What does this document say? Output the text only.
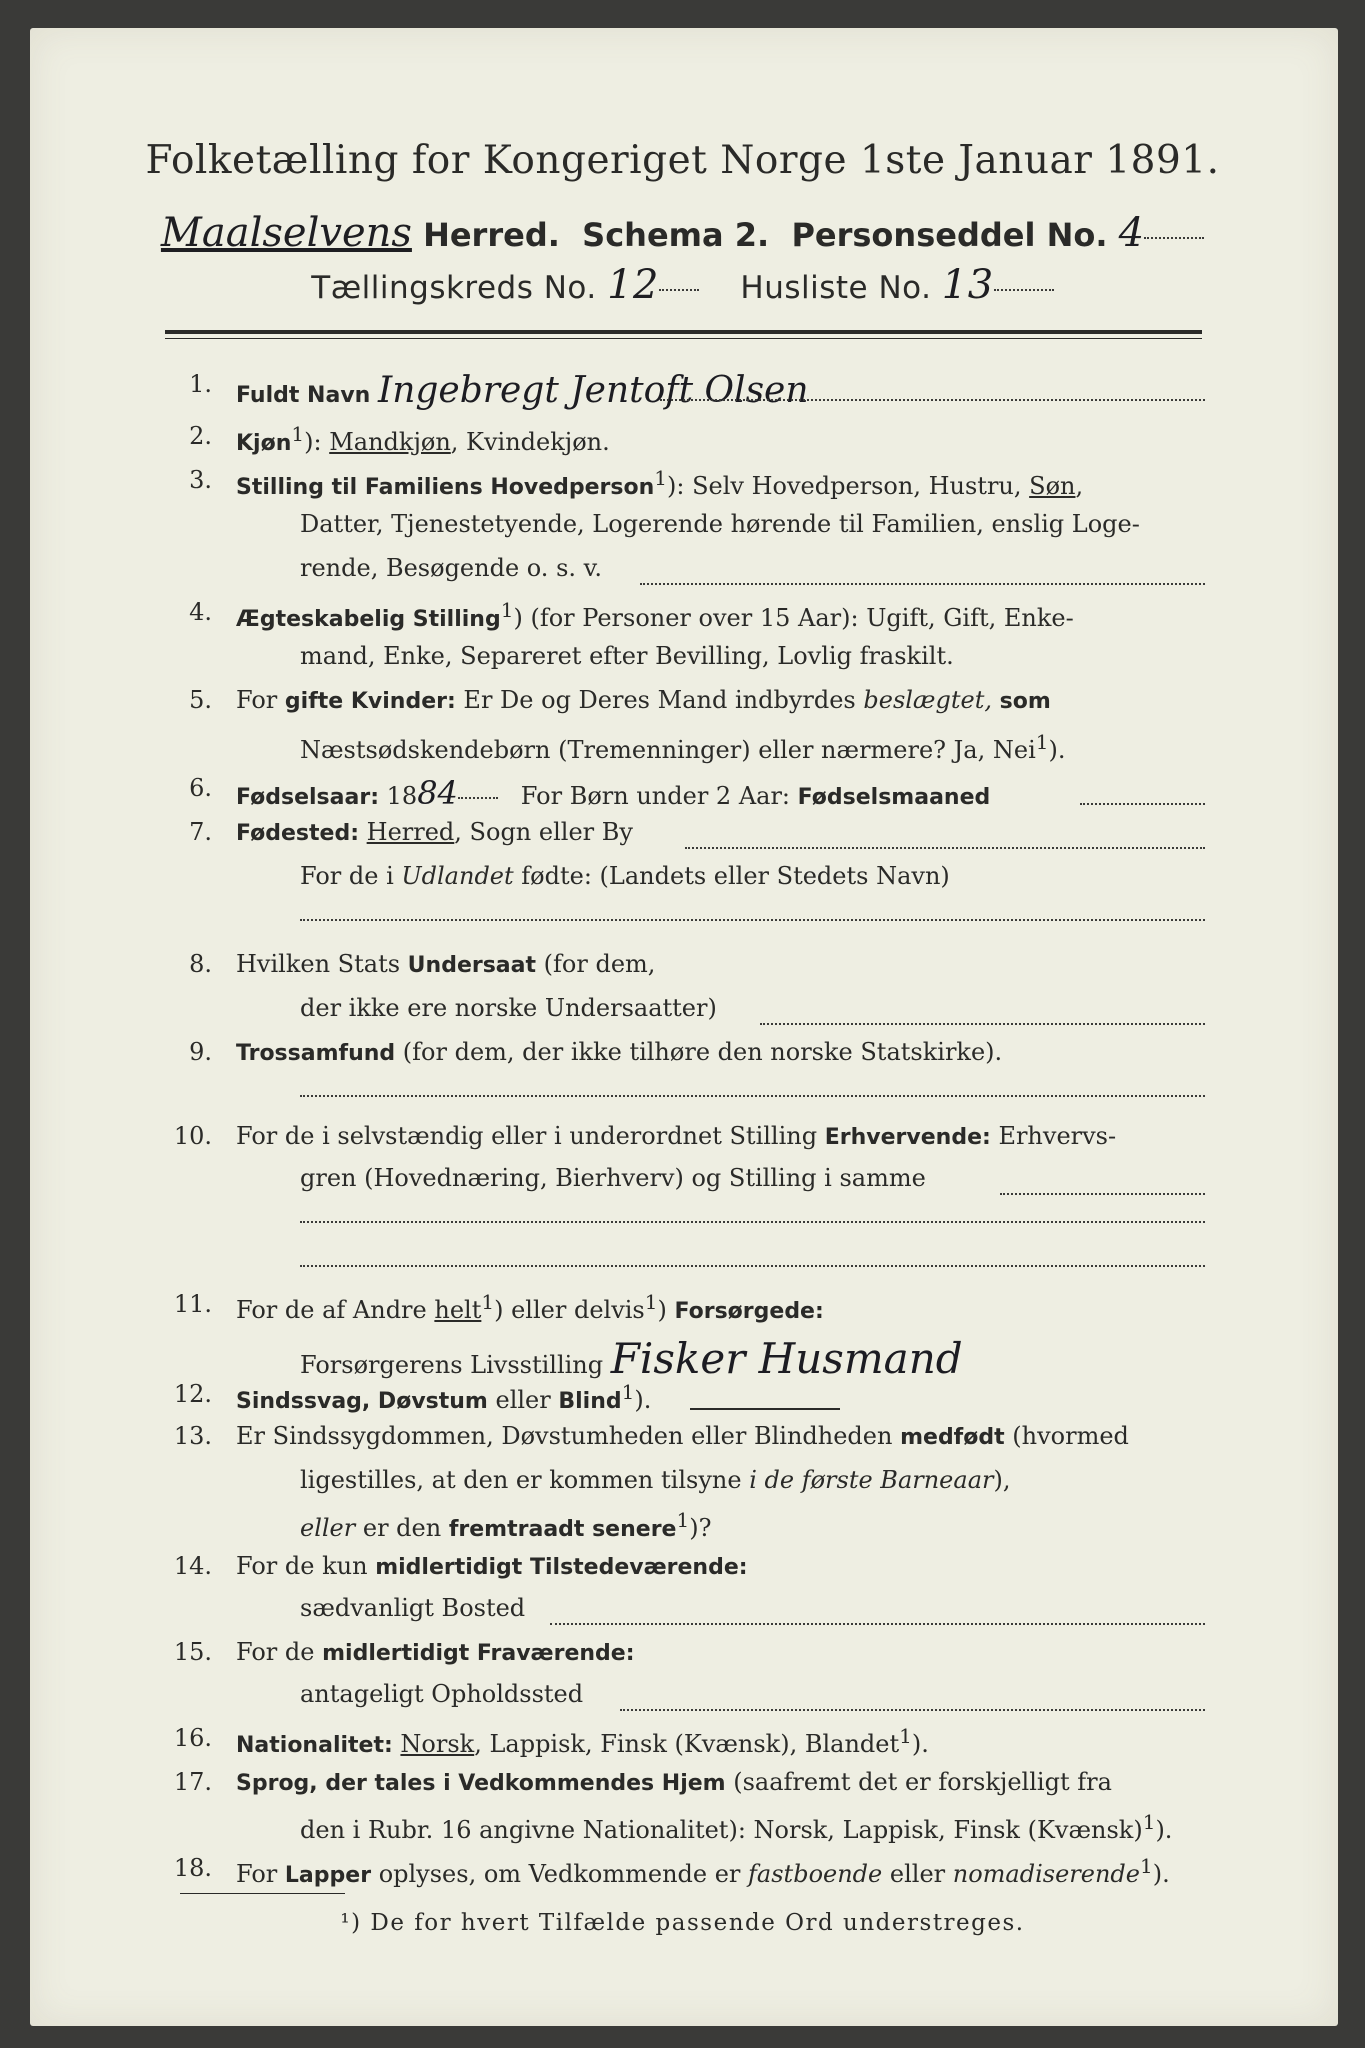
Folketælling for Kongeriget Norge 1ste Januar 1891.
Maalselvens Herred. Schema 2. Personseddel No. 4
Tællingskreds No. 12	Husliste No. 13
1. Fuldt Navn Ingebregt Jentoft Olsen
2. Kjøn$^1$): Mandkjøn, Kvindekjøn.
3. Stilling til Familiens Hovedperson$^1$): Selv Hovedperson, Hustru, Søn,
Datter, Tjenestetyende, Logerende hørende til Familien, enslig Loge-
rende, Besøgende o. s. v.
4. Ægteskabelig Stilling$^1$) (for Personer over 15 Aar): Ugift, Gift, Enke-
mand, Enke, Separeret efter Bevilling, Lovlig fraskilt.
5. For gifte Kvinder: Er De og Deres Mand indbyrdes beslægtet, som
Næstsødskendebørn (Tremenninger) eller nærmere? Ja, Nei$^1$).
6. Fødselsaar: 1884	For Børn under 2 Aar: Fødselsmaaned
7. Fødested: Herred, Sogn eller By
For de i Udlandet fødte: (Landets eller Stedets Navn)
8. Hvilken Stats Undersaat (for dem,
der ikke ere norske Undersaatter)
9. Trossamfund (for dem, der ikke tilhøre den norske Statskirke).
10. For de i selvstændig eller i underordnet Stilling Erhvervende: Erhvervs-
gren (Hovednæring, Bierhverv) og Stilling i samme
11. For de af Andre helt$^1$) eller delvis$^1$) Forsørgede:
Forsørgerens Livsstilling Fisker Husmand
12. Sindssvag, Døvstum eller Blind$^1$).
13. Er Sindssygdommen, Døvstumheden eller Blindheden medfødt (hvormed
ligestilles, at den er kommen tilsyne i de første Barneaar),
eller er den fremtraadt senere$^1$)?
14. For de kun midlertidigt Tilstedeværende:
sædvanligt Bosted
15. For de midlertidigt Fraværende:
antageligt Opholdssted
16. Nationalitet: Norsk, Lappisk, Finsk (Kvænsk), Blandet$^1$).
17. Sprog, der tales i Vedkommendes Hjem (saafremt det er forskjelligt fra
den i Rubr. 16 angivne Nationalitet): Norsk, Lappisk, Finsk (Kvænsk)$^1$).
18. For Lapper oplyses, om Vedkommende er fastboende eller nomadiserende$^1$).
¹) De for hvert Tilfælde passende Ord understreges.
